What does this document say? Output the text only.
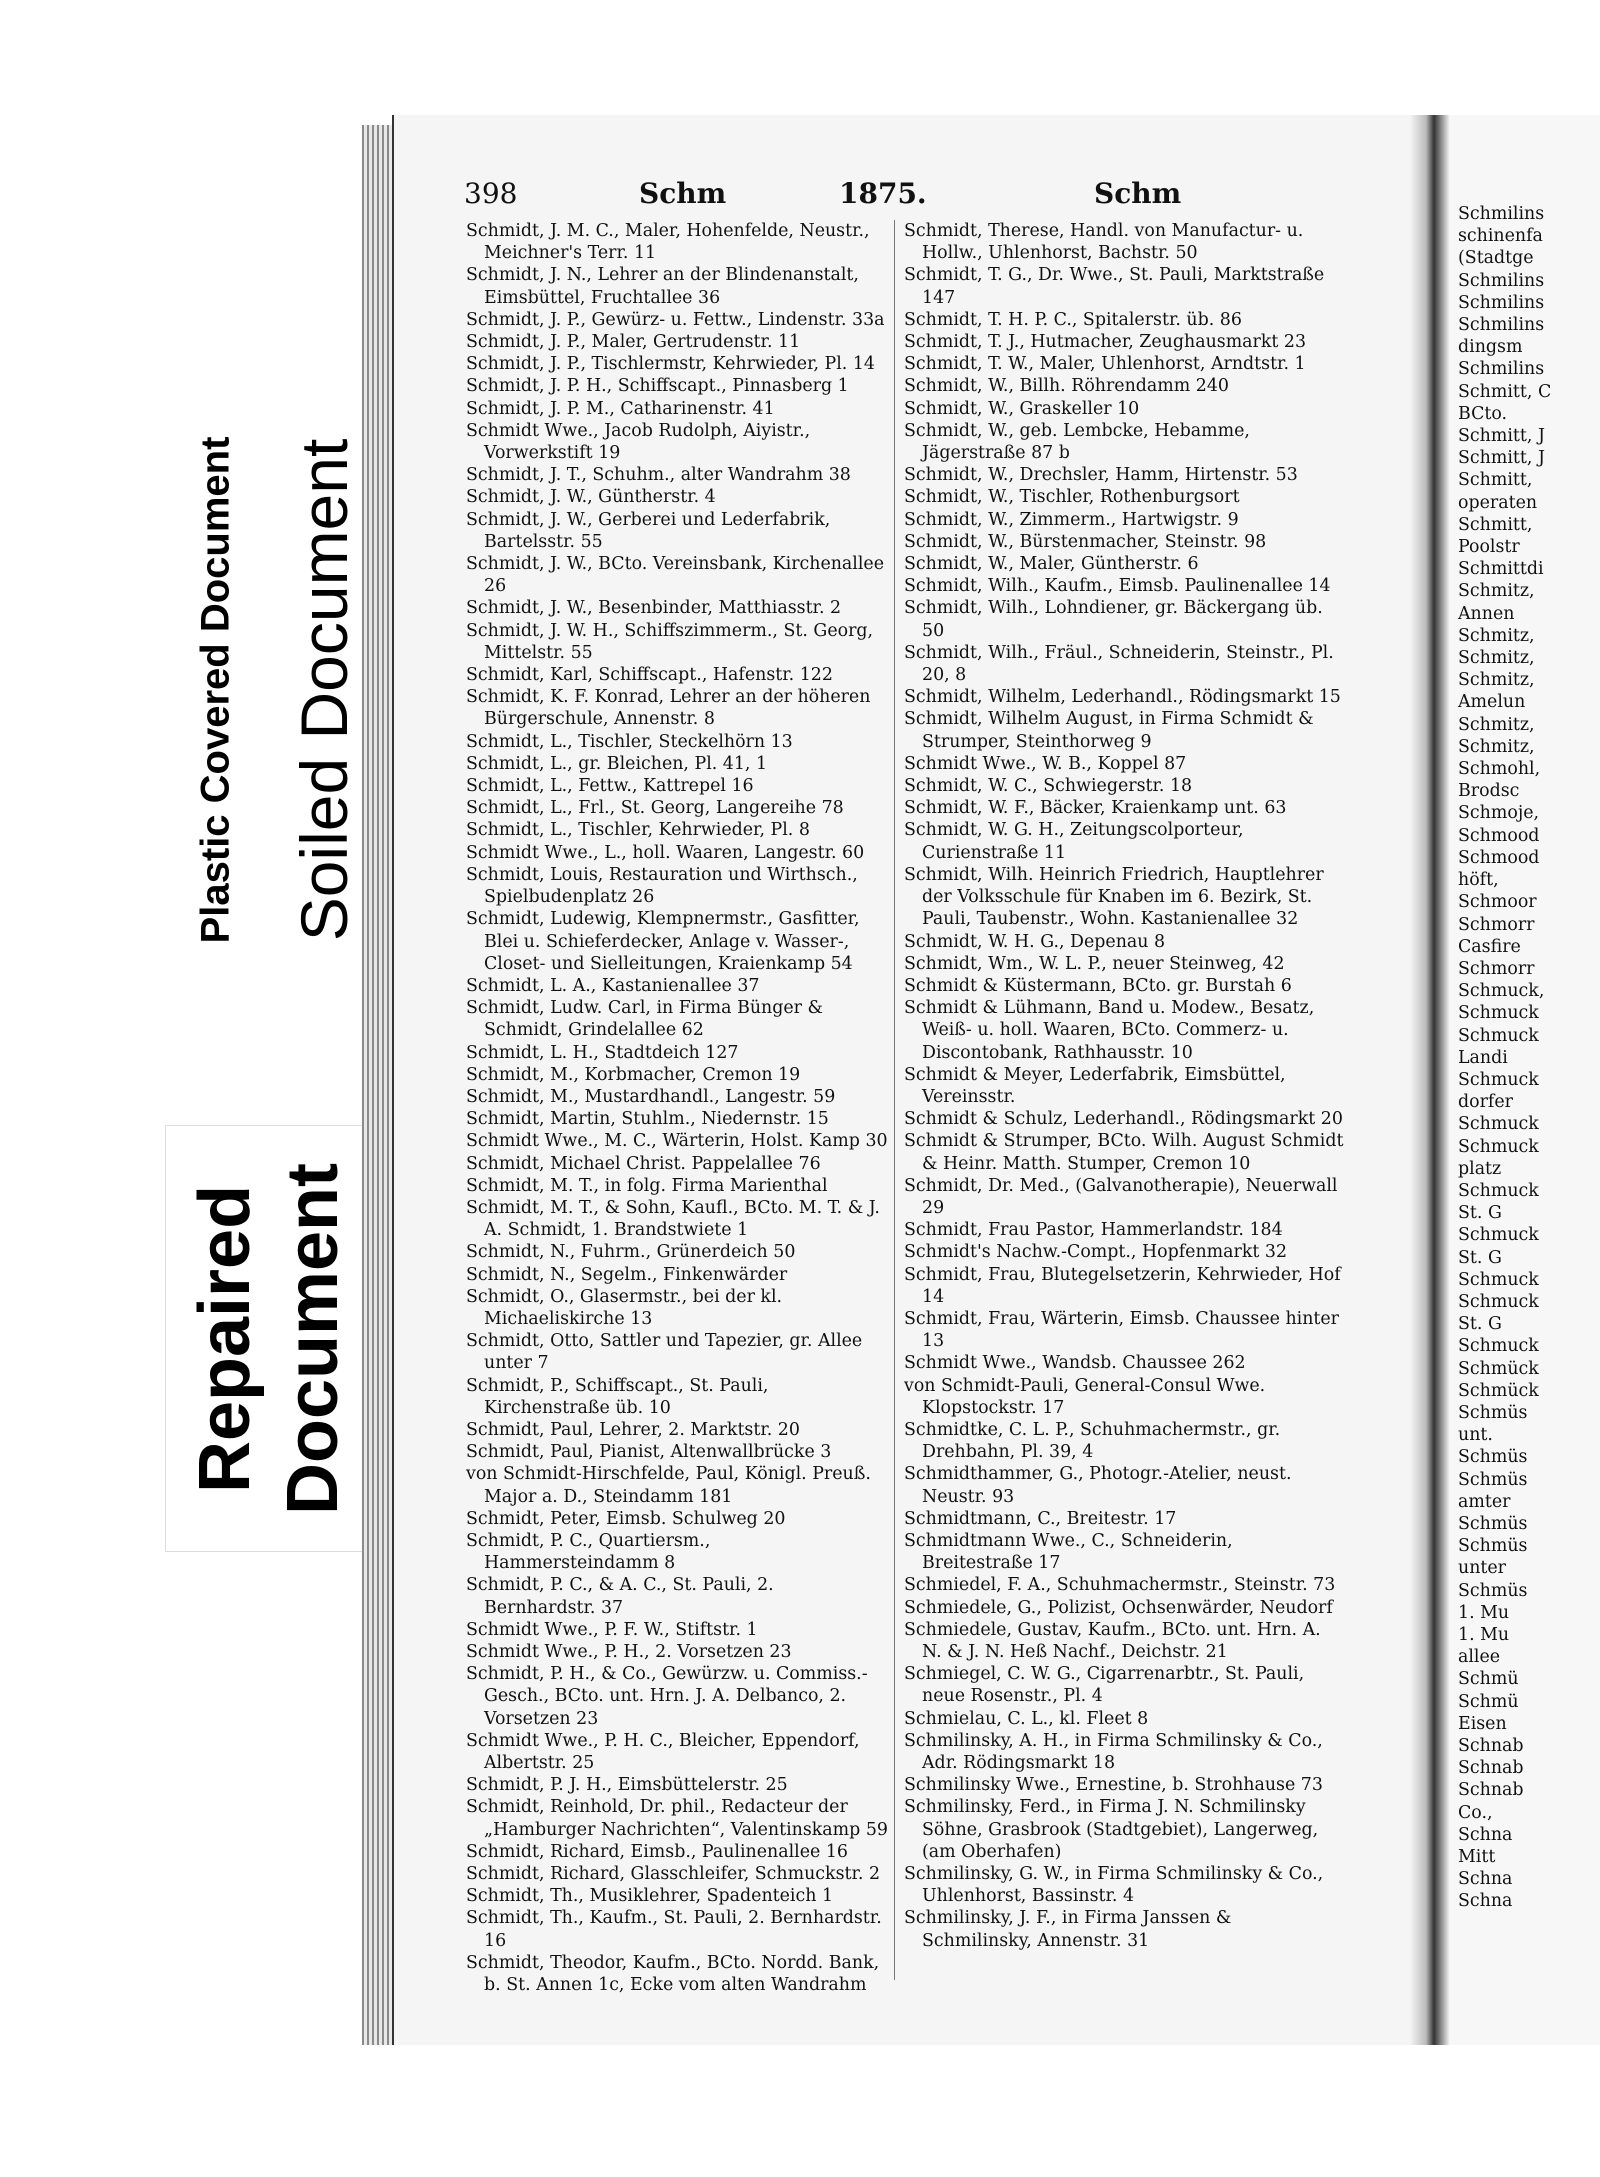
Plastic Covered Document Soiled Document
Repaired Document
398	Schm	1875.	Schm
Schmidt, J. M. C., Maler, Hohenfelde, Neustr., Meichner's Terr. 11
Schmidt, J. N., Lehrer an der Blindenanstalt, Eimsbüttel, Fruchtallee 36
Schmidt, J. P., Gewürz- u. Fettw., Lindenstr. 33a
Schmidt, J. P., Maler, Gertrudenstr. 11
Schmidt, J. P., Tischlermstr, Kehrwieder, Pl. 14
Schmidt, J. P. H., Schiffscapt., Pinnasberg 1
Schmidt, J. P. M., Catharinenstr. 41
Schmidt Wwe., Jacob Rudolph, Aiyistr., Vorwerkstift 19
Schmidt, J. T., Schuhm., alter Wandrahm 38
Schmidt, J. W., Güntherstr. 4
Schmidt, J. W., Gerberei und Lederfabrik, Bartelsstr. 55
Schmidt, J. W., BCto. Vereinsbank, Kirchenallee 26
Schmidt, J. W., Besenbinder, Matthiasstr. 2
Schmidt, J. W. H., Schiffszimmerm., St. Georg, Mittelstr. 55
Schmidt, Karl, Schiffscapt., Hafenstr. 122
Schmidt, K. F. Konrad, Lehrer an der höheren Bürgerschule, Annenstr. 8
Schmidt, L., Tischler, Steckelhörn 13
Schmidt, L., gr. Bleichen, Pl. 41, 1
Schmidt, L., Fettw., Kattrepel 16
Schmidt, L., Frl., St. Georg, Langereihe 78
Schmidt, L., Tischler, Kehrwieder, Pl. 8
Schmidt Wwe., L., holl. Waaren, Langestr. 60
Schmidt, Louis, Restauration und Wirthsch., Spielbudenplatz 26
Schmidt, Ludewig, Klempnermstr., Gasfitter, Blei u. Schieferdecker, Anlage v. Wasser-, Closet- und Sielleitungen, Kraienkamp 54
Schmidt, L. A., Kastanienallee 37
Schmidt, Ludw. Carl, in Firma Bünger & Schmidt, Grindelallee 62
Schmidt, L. H., Stadtdeich 127
Schmidt, M., Korbmacher, Cremon 19
Schmidt, M., Mustardhandl., Langestr. 59
Schmidt, Martin, Stuhlm., Niedernstr. 15
Schmidt Wwe., M. C., Wärterin, Holst. Kamp 30
Schmidt, Michael Christ. Pappelallee 76
Schmidt, M. T., in folg. Firma Marienthal
Schmidt, M. T., & Sohn, Kaufl., BCto. M. T. & J. A. Schmidt, 1. Brandstwiete 1
Schmidt, N., Fuhrm., Grünerdeich 50
Schmidt, N., Segelm., Finkenwärder
Schmidt, O., Glasermstr., bei der kl. Michaeliskirche 13
Schmidt, Otto, Sattler und Tapezier, gr. Allee unter 7
Schmidt, P., Schiffscapt., St. Pauli, Kirchenstraße üb. 10
Schmidt, Paul, Lehrer, 2. Marktstr. 20
Schmidt, Paul, Pianist, Altenwallbrücke 3
von Schmidt-Hirschfelde, Paul, Königl. Preuß. Major a. D., Steindamm 181
Schmidt, Peter, Eimsb. Schulweg 20
Schmidt, P. C., Quartiersm., Hammersteindamm 8
Schmidt, P. C., & A. C., St. Pauli, 2. Bernhardstr. 37
Schmidt Wwe., P. F. W., Stiftstr. 1
Schmidt Wwe., P. H., 2. Vorsetzen 23
Schmidt, P. H., & Co., Gewürzw. u. Commiss.-Gesch., BCto. unt. Hrn. J. A. Delbanco, 2. Vorsetzen 23
Schmidt Wwe., P. H. C., Bleicher, Eppendorf, Albertstr. 25
Schmidt, P. J. H., Eimsbüttelerstr. 25
Schmidt, Reinhold, Dr. phil., Redacteur der „Hamburger Nachrichten“, Valentinskamp 59
Schmidt, Richard, Eimsb., Paulinenallee 16
Schmidt, Richard, Glasschleifer, Schmuckstr. 2
Schmidt, Th., Musiklehrer, Spadenteich 1
Schmidt, Th., Kaufm., St. Pauli, 2. Bernhardstr. 16
Schmidt, Theodor, Kaufm., BCto. Nordd. Bank, b. St. Annen 1c, Ecke vom alten Wandrahm
Schmidt, Therese, Handl. von Manufactur- u. Hollw., Uhlenhorst, Bachstr. 50
Schmidt, T. G., Dr. Wwe., St. Pauli, Marktstraße 147
Schmidt, T. H. P. C., Spitalerstr. üb. 86
Schmidt, T. J., Hutmacher, Zeughausmarkt 23
Schmidt, T. W., Maler, Uhlenhorst, Arndtstr. 1
Schmidt, W., Billh. Röhrendamm 240
Schmidt, W., Graskeller 10
Schmidt, W., geb. Lembcke, Hebamme, Jägerstraße 87 b
Schmidt, W., Drechsler, Hamm, Hirtenstr. 53
Schmidt, W., Tischler, Rothenburgsort
Schmidt, W., Zimmerm., Hartwigstr. 9
Schmidt, W., Bürstenmacher, Steinstr. 98
Schmidt, W., Maler, Güntherstr. 6
Schmidt, Wilh., Kaufm., Eimsb. Paulinenallee 14
Schmidt, Wilh., Lohndiener, gr. Bäckergang üb. 50
Schmidt, Wilh., Fräul., Schneiderin, Steinstr., Pl. 20, 8
Schmidt, Wilhelm, Lederhandl., Rödingsmarkt 15
Schmidt, Wilhelm August, in Firma Schmidt & Strumper, Steinthorweg 9
Schmidt Wwe., W. B., Koppel 87
Schmidt, W. C., Schwiegerstr. 18
Schmidt, W. F., Bäcker, Kraienkamp unt. 63
Schmidt, W. G. H., Zeitungscolporteur, Curienstraße 11
Schmidt, Wilh. Heinrich Friedrich, Hauptlehrer der Volksschule für Knaben im 6. Bezirk, St. Pauli, Taubenstr., Wohn. Kastanienallee 32
Schmidt, W. H. G., Depenau 8
Schmidt, Wm., W. L. P., neuer Steinweg, 42
Schmidt & Küstermann, BCto. gr. Burstah 6
Schmidt & Lühmann, Band u. Modew., Besatz, Weiß- u. holl. Waaren, BCto. Commerz- u. Discontobank, Rathhausstr. 10
Schmidt & Meyer, Lederfabrik, Eimsbüttel, Vereinsstr.
Schmidt & Schulz, Lederhandl., Rödingsmarkt 20
Schmidt & Strumper, BCto. Wilh. August Schmidt & Heinr. Matth. Stumper, Cremon 10
Schmidt, Dr. Med., (Galvanotherapie), Neuerwall 29
Schmidt, Frau Pastor, Hammerlandstr. 184
Schmidt's Nachw.-Compt., Hopfenmarkt 32
Schmidt, Frau, Blutegelsetzerin, Kehrwieder, Hof 14
Schmidt, Frau, Wärterin, Eimsb. Chaussee hinter 13
Schmidt Wwe., Wandsb. Chaussee 262
von Schmidt-Pauli, General-Consul Wwe. Klopstockstr. 17
Schmidtke, C. L. P., Schuhmachermstr., gr. Drehbahn, Pl. 39, 4
Schmidthammer, G., Photogr.-Atelier, neust. Neustr. 93
Schmidtmann, C., Breitestr. 17
Schmidtmann Wwe., C., Schneiderin, Breitestraße 17
Schmiedel, F. A., Schuhmachermstr., Steinstr. 73
Schmiedele, G., Polizist, Ochsenwärder, Neudorf
Schmiedele, Gustav, Kaufm., BCto. unt. Hrn. A. N. & J. N. Heß Nachf., Deichstr. 21
Schmiegel, C. W. G., Cigarrenarbtr., St. Pauli, neue Rosenstr., Pl. 4
Schmielau, C. L., kl. Fleet 8
Schmilinsky, A. H., in Firma Schmilinsky & Co., Adr. Rödingsmarkt 18
Schmilinsky Wwe., Ernestine, b. Strohhause 73
Schmilinsky, Ferd., in Firma J. N. Schmilinsky Söhne, Grasbrook (Stadtgebiet), Langerweg, (am Oberhafen)
Schmilinsky, G. W., in Firma Schmilinsky & Co., Uhlenhorst, Bassinstr. 4
Schmilinsky, J. F., in Firma Janssen & Schmilinsky, Annenstr. 31
Schmilins
schinenfa
(Stadtge
Schmilins
Schmilins
Schmilins
dingsm
Schmilins
Schmitt, C
BCto.
Schmitt, J
Schmitt, J
Schmitt,
operaten
Schmitt,
Poolstr
Schmittdi
Schmitz,
Annen
Schmitz,
Schmitz,
Schmitz,
Amelun
Schmitz,
Schmitz,
Schmohl,
Brodsc
Schmoje,
Schmood
Schmood
höft,
Schmoor
Schmorr
Casfire
Schmorr
Schmuck,
Schmuck
Schmuck
Landi
Schmuck
dorfer
Schmuck
Schmuck
platz
Schmuck
St. G
Schmuck
St. G
Schmuck
Schmuck
St. G
Schmuck
Schmück
Schmück
Schmüs
unt.
Schmüs
Schmüs
amter
Schmüs
Schmüs
unter
Schmüs
1. Mu
1. Mu
allee
Schmü
Schmü
Eisen
Schnab
Schnab
Schnab
Co.,
Schna
Mitt
Schna
Schna
